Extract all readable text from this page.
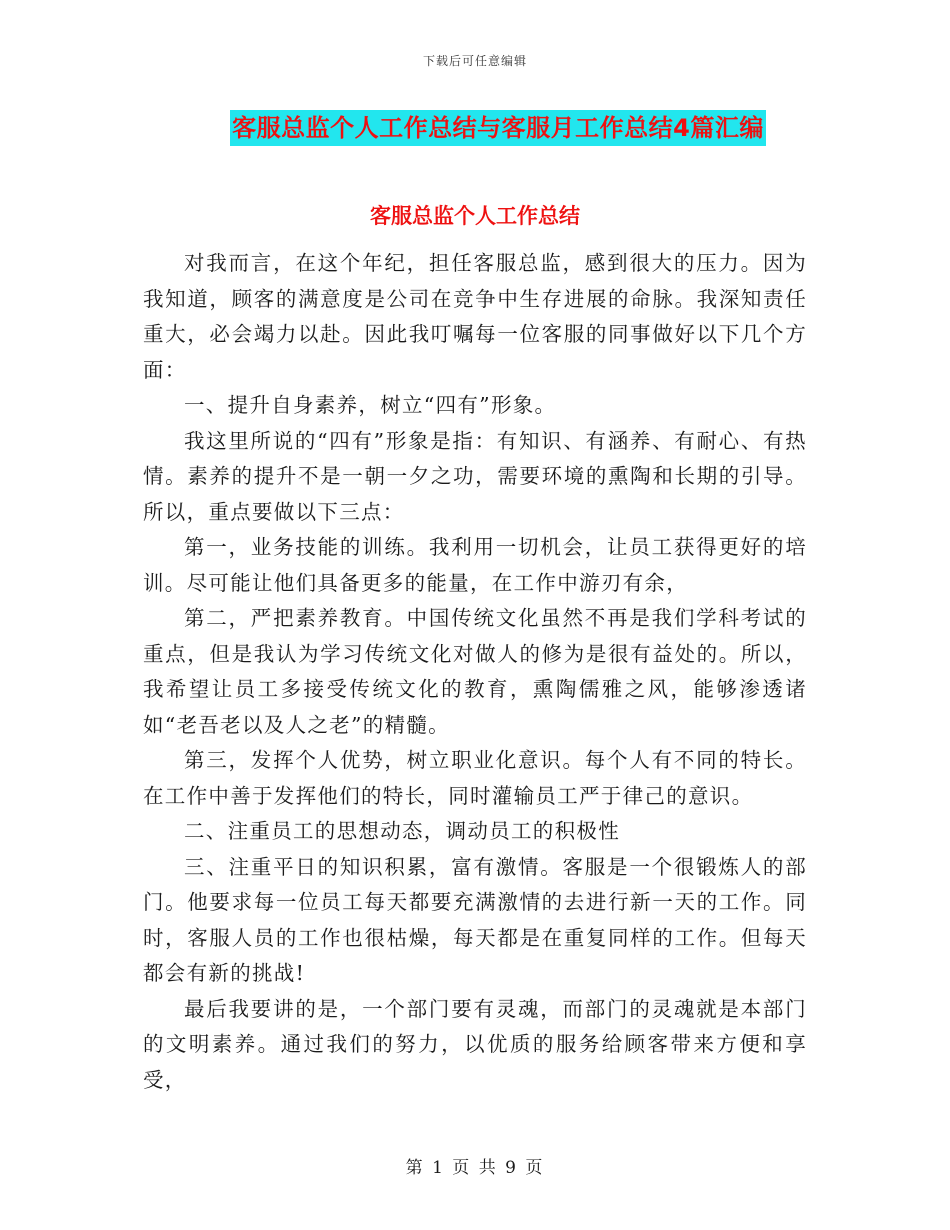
下载后可任意编辑
客服总监个人工作总结与客服月工作总结4篇汇编
客服总监个人工作总结

对我而言，在这个年纪，担任客服总监，感到很大的压力。因为我知道，顾客的满意度是公司在竞争中生存进展的命脉。我深知责任重大，必会竭力以赴。因此我叮嘱每一位客服的同事做好以下几个方面：

一、提升自身素养，树立“四有”形象。

我这里所说的“四有”形象是指：有知识、有涵养、有耐心、有热情。素养的提升不是一朝一夕之功，需要环境的熏陶和长期的引导。所以，重点要做以下三点：

第一，业务技能的训练。我利用一切机会，让员工获得更好的培训。尽可能让他们具备更多的能量，在工作中游刃有余，

第二，严把素养教育。中国传统文化虽然不再是我们学科考试的重点，但是我认为学习传统文化对做人的修为是很有益处的。所以，我希望让员工多接受传统文化的教育，熏陶儒雅之风，能够渗透诸如“老吾老以及人之老”的精髓。

第三，发挥个人优势，树立职业化意识。每个人有不同的特长。在工作中善于发挥他们的特长，同时灌输员工严于律己的意识。

二、注重员工的思想动态，调动员工的积极性

三、注重平日的知识积累，富有激情。客服是一个很锻炼人的部门。他要求每一位员工每天都要充满激情的去进行新一天的工作。同时，客服人员的工作也很枯燥，每天都是在重复同样的工作。但每天都会有新的挑战!

最后我要讲的是，一个部门要有灵魂，而部门的灵魂就是本部门的文明素养。通过我们的努力，以优质的服务给顾客带来方便和享受，

第 1 页 共 9 页
